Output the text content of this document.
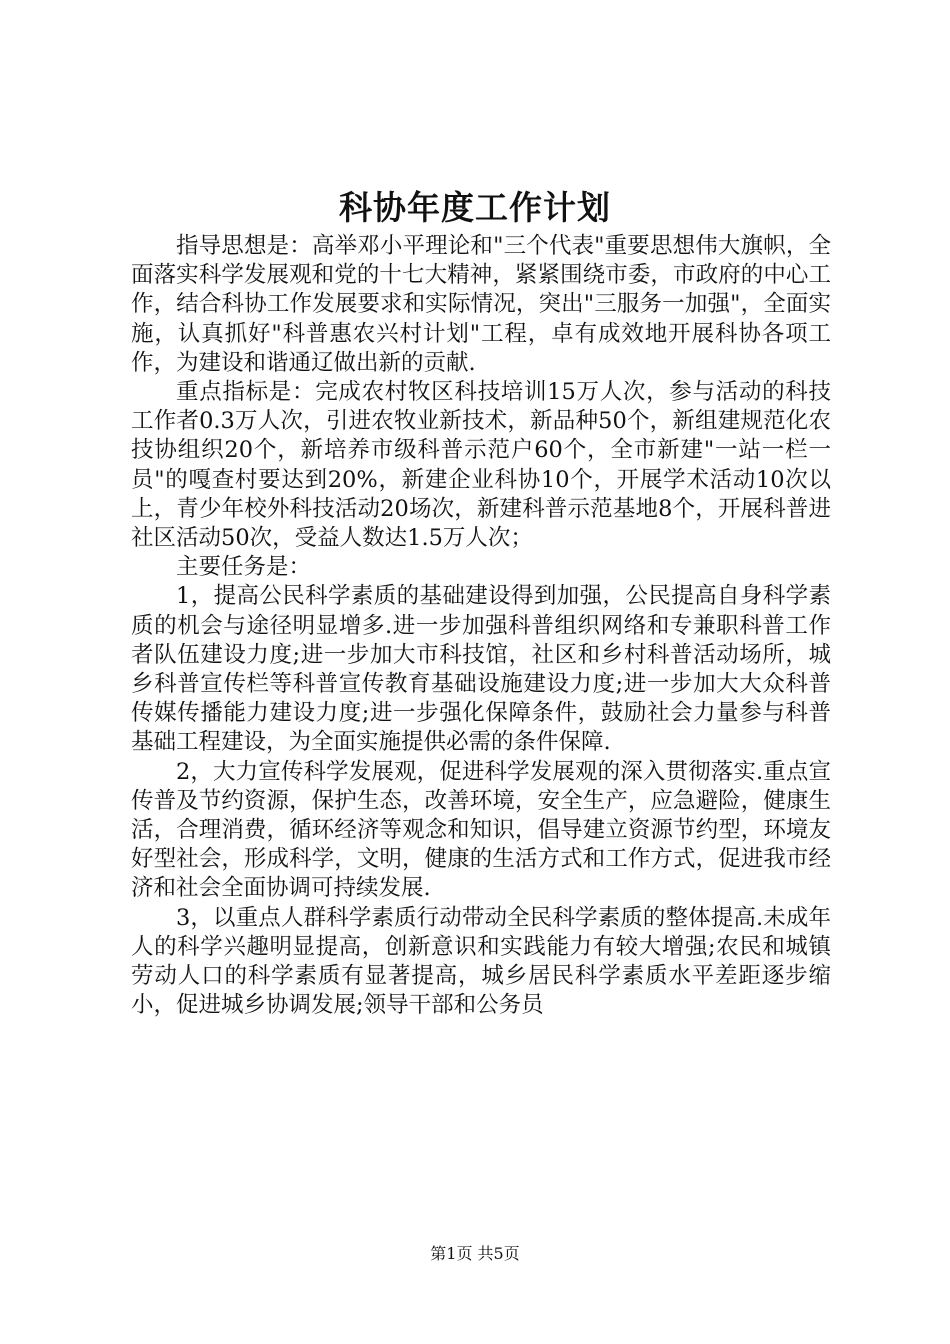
科协年度工作计划

指导思想是：高举邓小平理论和"三个代表"重要思想伟大旗帜，全面落实科学发展观和党的十七大精神，紧紧围绕市委，市政府的中心工作，结合科协工作发展要求和实际情况，突出"三服务一加强"，全面实施，认真抓好"科普惠农兴村计划"工程，卓有成效地开展科协各项工作，为建设和谐通辽做出新的贡献.

重点指标是：完成农村牧区科技培训15万人次，参与活动的科技工作者0.3万人次，引进农牧业新技术，新品种50个，新组建规范化农技协组织20个，新培养市级科普示范户60个，全市新建"一站一栏一员"的嘎查村要达到20%，新建企业科协10个，开展学术活动10次以上，青少年校外科技活动20场次，新建科普示范基地8个，开展科普进社区活动50次，受益人数达1.5万人次；

主要任务是：

1，提高公民科学素质的基础建设得到加强，公民提高自身科学素质的机会与途径明显增多.进一步加强科普组织网络和专兼职科普工作者队伍建设力度;进一步加大市科技馆，社区和乡村科普活动场所，城乡科普宣传栏等科普宣传教育基础设施建设力度;进一步加大大众科普传媒传播能力建设力度;进一步强化保障条件，鼓励社会力量参与科普基础工程建设，为全面实施提供必需的条件保障.

2，大力宣传科学发展观，促进科学发展观的深入贯彻落实.重点宣传普及节约资源，保护生态，改善环境，安全生产，应急避险，健康生活，合理消费，循环经济等观念和知识，倡导建立资源节约型，环境友好型社会，形成科学，文明，健康的生活方式和工作方式，促进我市经济和社会全面协调可持续发展.

3，以重点人群科学素质行动带动全民科学素质的整体提高.未成年人的科学兴趣明显提高，创新意识和实践能力有较大增强;农民和城镇劳动人口的科学素质有显著提高，城乡居民科学素质水平差距逐步缩小，促进城乡协调发展;领导干部和公务员

第1页 共5页
